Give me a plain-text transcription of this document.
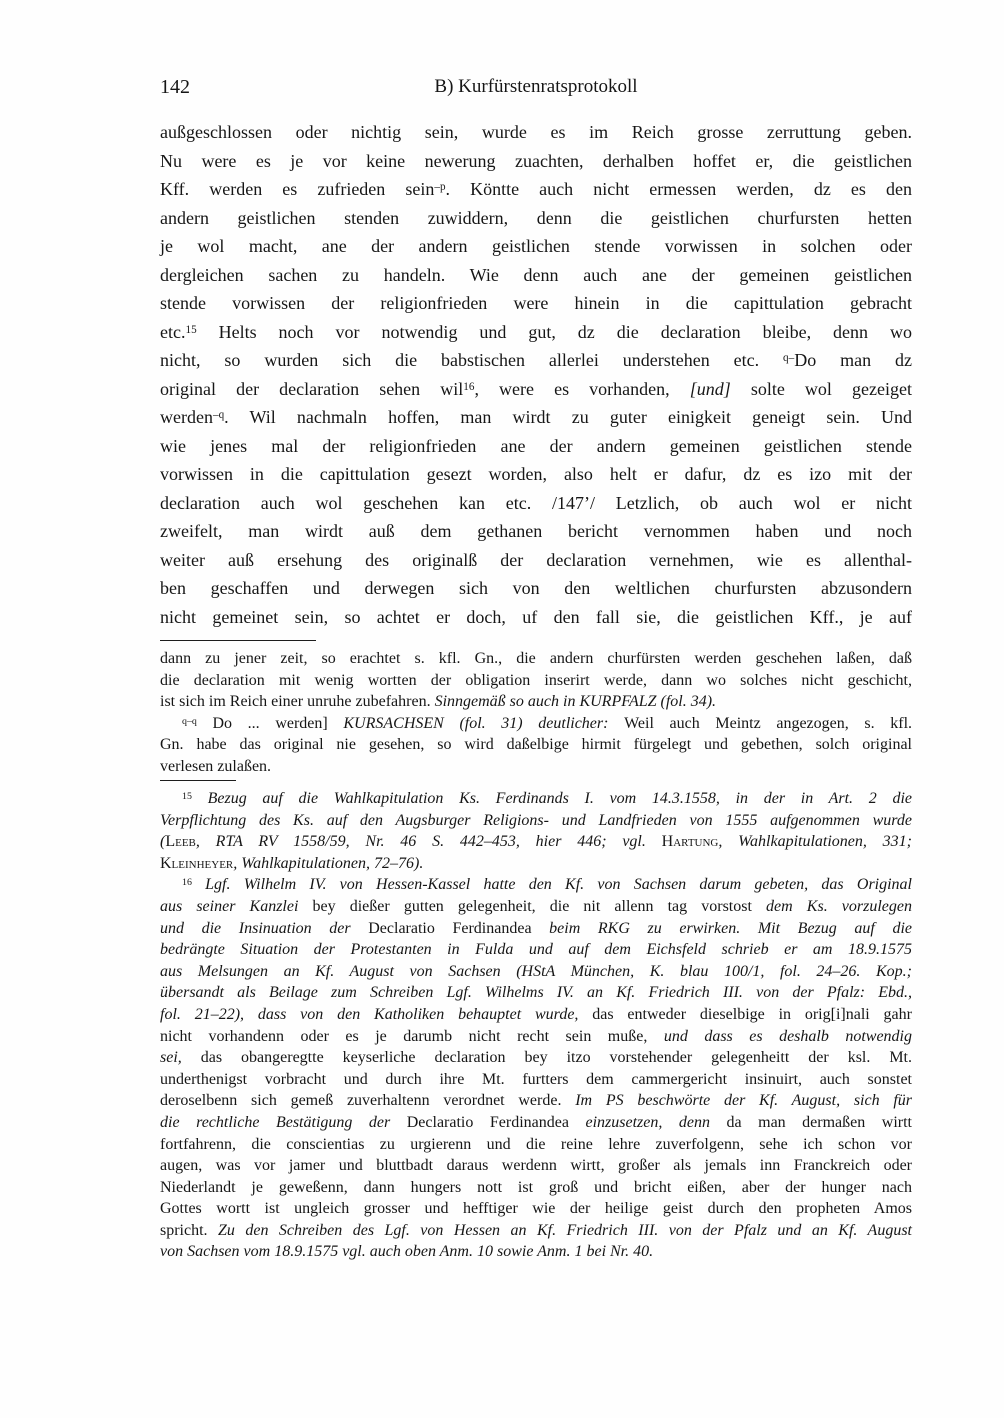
142	B) Kurfürstenratsprotokoll
außgeschlossen oder nichtig sein, wurde es im Reich grosse zerruttung geben.
Nu were es je vor keine newerung zuachten, derhalben hoffet er, die geistlichen
Kff. werden es zufrieden sein$^{-p}$. Köntte auch nicht ermessen werden, dz es den
andern geistlichen stenden zuwiddern, denn die geistlichen churfursten hetten
je wol macht, ane der andern geistlichen stende vorwissen in solchen oder
dergleichen sachen zu handeln. Wie denn auch ane der gemeinen geistlichen
stende vorwissen der religionfrieden were hinein in die capittulation gebracht
etc.$^{15}$ Helts noch vor notwendig und gut, dz die declaration bleibe, denn wo
nicht, so wurden sich die babstischen allerlei understehen etc. $^{q-}$Do man dz
original der declaration sehen wil$^{16}$, were es vorhanden, [und] solte wol gezeiget
werden$^{-q}$. Wil nachmaln hoffen, man wirdt zu guter einigkeit geneigt sein. Und
wie jenes mal der religionfrieden ane der andern gemeinen geistlichen stende
vorwissen in die capittulation gesezt worden, also helt er dafur, dz es izo mit der
declaration auch wol geschehen kan etc. /147’/ Letzlich, ob auch wol er nicht
zweifelt, man wirdt auß dem gethanen bericht vernommen haben und noch
weiter auß ersehung des originalß der declaration vernehmen, wie es allenthal-
ben geschaffen und derwegen sich von den weltlichen churfursten abzusondern
nicht gemeinet sein, so achtet er doch, uf den fall sie, die geistlichen Kff., je auf
dann zu jener zeit, so erachtet s. kfl. Gn., die andern churfürsten werden geschehen laßen, daß
die declaration mit wenig wortten der obligation inserirt werde, dann wo solches nicht geschicht,
ist sich im Reich einer unruhe zubefahren. Sinngemäß so auch in KURPFALZ (fol. 34).
$^{q-q}$ Do ... werden] KURSACHSEN (fol. 31) deutlicher: Weil auch Meintz angezogen, s. kfl.
Gn. habe das original nie gesehen, so wird daßelbige hirmit fürgelegt und gebethen, solch original
verlesen zulaßen.
$^{15}$ Bezug auf die Wahlkapitulation Ks. Ferdinands I. vom 14.3.1558, in der in Art. 2 die
Verpflichtung des Ks. auf den Augsburger Religions- und Landfrieden von 1555 aufgenommen wurde
(Leeb, RTA RV 1558/59, Nr. 46 S. 442–453, hier 446; vgl. Hartung, Wahlkapitulationen, 331;
Kleinheyer, Wahlkapitulationen, 72–76).
$^{16}$ Lgf. Wilhelm IV. von Hessen-Kassel hatte den Kf. von Sachsen darum gebeten, das Original
aus seiner Kanzlei bey dießer gutten gelegenheit, die nit allenn tag vorstost dem Ks. vorzulegen
und die Insinuation der Declaratio Ferdinandea beim RKG zu erwirken. Mit Bezug auf die
bedrängte Situation der Protestanten in Fulda und auf dem Eichsfeld schrieb er am 18.9.1575
aus Melsungen an Kf. August von Sachsen (HStA München, K. blau 100/1, fol. 24–26. Kop.;
übersandt als Beilage zum Schreiben Lgf. Wilhelms IV. an Kf. Friedrich III. von der Pfalz: Ebd.,
fol. 21–22), dass von den Katholiken behauptet wurde, das entweder dieselbige in orig[i]nali gahr
nicht vorhandenn oder es je darumb nicht recht sein muße, und dass es deshalb notwendig
sei, das obangeregtte keyserliche declaration bey itzo vorstehender gelegenheitt der ksl. Mt.
underthenigst vorbracht und durch ihre Mt. furtters dem cammergericht insinuirt, auch sonstet
deroselbenn sich gemeß zuverhaltenn verordnet werde. Im PS beschwörte der Kf. August, sich für
die rechtliche Bestätigung der Declaratio Ferdinandea einzusetzen, denn da man dermaßen wirtt
fortfahrenn, die conscientias zu urgierenn und die reine lehre zuverfolgenn, sehe ich schon vor
augen, was vor jamer und bluttbadt daraus werdenn wirtt, großer als jemals inn Franckreich oder
Niederlandt je geweßenn, dann hungers nott ist groß und bricht eißen, aber der hunger nach
Gottes wortt ist ungleich grosser und hefftiger wie der heilige geist durch den propheten Amos
spricht. Zu den Schreiben des Lgf. von Hessen an Kf. Friedrich III. von der Pfalz und an Kf. August
von Sachsen vom 18.9.1575 vgl. auch oben Anm. 10 sowie Anm. 1 bei Nr. 40.
